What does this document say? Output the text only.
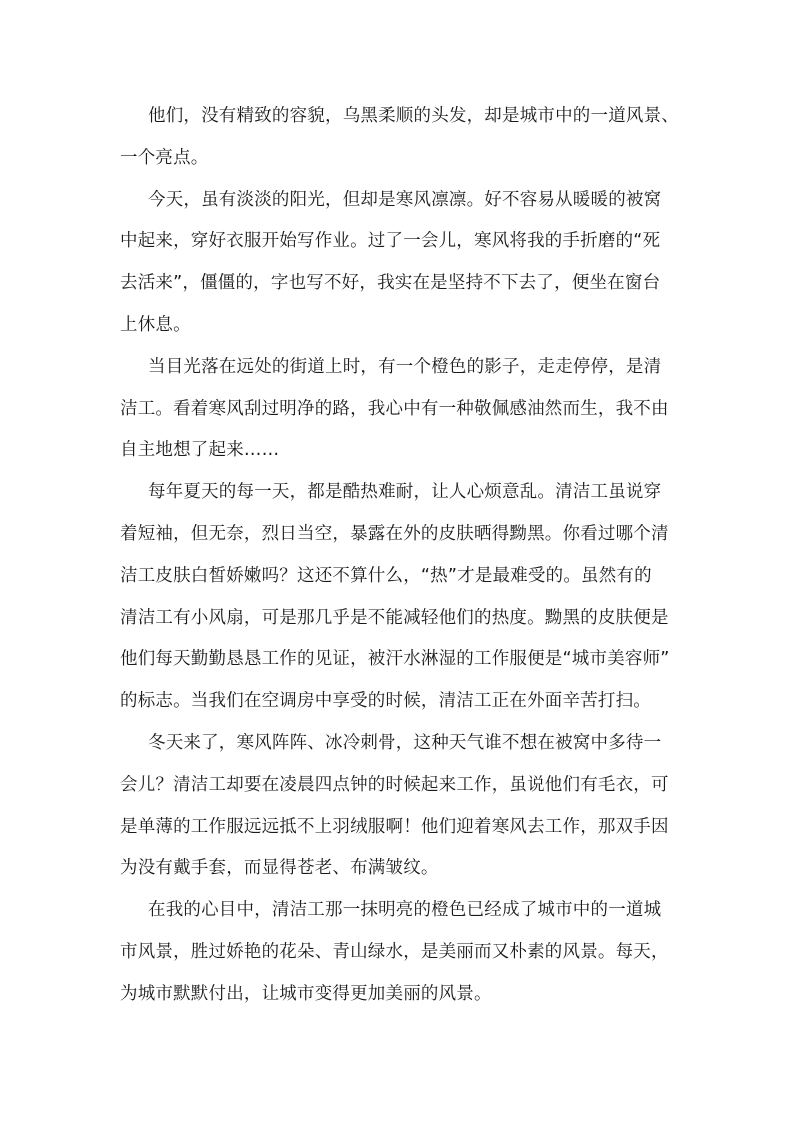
他们，没有精致的容貌，乌黑柔顺的头发，却是城市中的一道风景、
一个亮点。
今天，虽有淡淡的阳光，但却是寒风凛凛。好不容易从暖暖的被窝
中起来，穿好衣服开始写作业。过了一会儿，寒风将我的手折磨的“死
去活来”，僵僵的，字也写不好，我实在是坚持不下去了，便坐在窗台
上休息。
当目光落在远处的街道上时，有一个橙色的影子，走走停停，是清
洁工。看着寒风刮过明净的路，我心中有一种敬佩感油然而生，我不由
自主地想了起来……
每年夏天的每一天，都是酷热难耐，让人心烦意乱。清洁工虽说穿
着短袖，但无奈，烈日当空，暴露在外的皮肤晒得黝黑。你看过哪个清
洁工皮肤白皙娇嫩吗？这还不算什么，“热”才是最难受的。虽然有的
清洁工有小风扇，可是那几乎是不能减轻他们的热度。黝黑的皮肤便是
他们每天勤勤恳恳工作的见证，被汗水淋湿的工作服便是“城市美容师”
的标志。当我们在空调房中享受的时候，清洁工正在外面辛苦打扫。
冬天来了，寒风阵阵、冰冷刺骨，这种天气谁不想在被窝中多待一
会儿？清洁工却要在凌晨四点钟的时候起来工作，虽说他们有毛衣，可
是单薄的工作服远远抵不上羽绒服啊！他们迎着寒风去工作，那双手因
为没有戴手套，而显得苍老、布满皱纹。
在我的心目中，清洁工那一抹明亮的橙色已经成了城市中的一道城
市风景，胜过娇艳的花朵、青山绿水，是美丽而又朴素的风景。每天，
为城市默默付出，让城市变得更加美丽的风景。
